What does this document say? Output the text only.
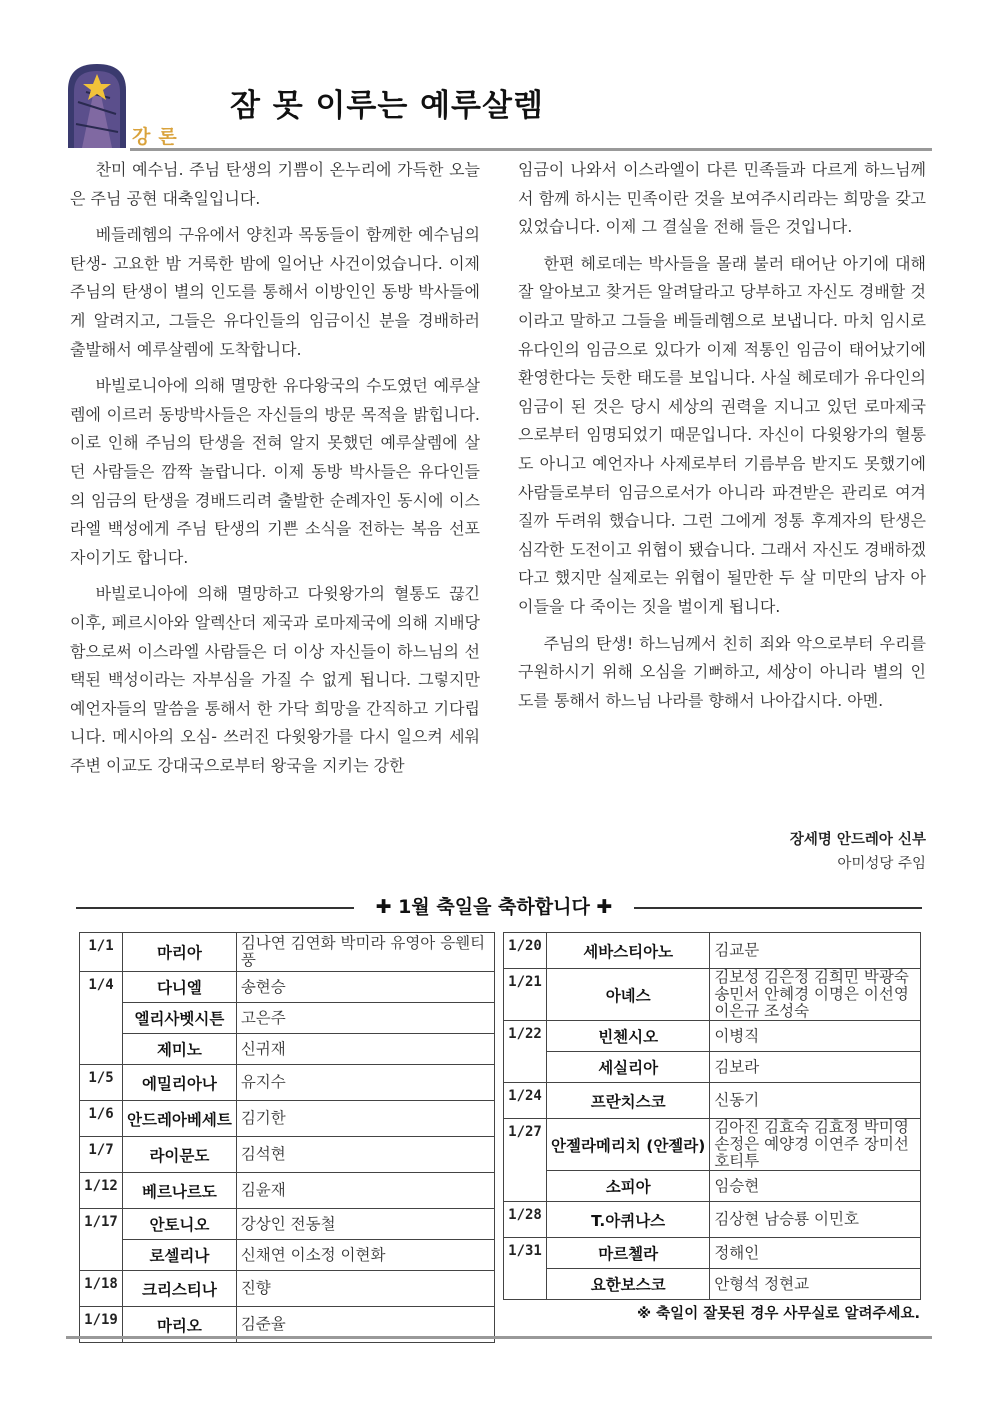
강론
잠 못 이루는 예루살렘

찬미 예수님. 주님 탄생의 기쁨이 온누리에 가득한 오늘은 주님 공현 대축일입니다.

베들레헴의 구유에서 양친과 목동들이 함께한 예수님의 탄생- 고요한 밤 거룩한 밤에 일어난 사건이었습니다. 이제 주님의 탄생이 별의 인도를 통해서 이방인인 동방 박사들에게 알려지고, 그들은 유다인들의 임금이신 분을 경배하러 출발해서 예루살렘에 도착합니다.

바빌로니아에 의해 멸망한 유다왕국의 수도였던 예루살렘에 이르러 동방박사들은 자신들의 방문 목적을 밝힙니다. 이로 인해 주님의 탄생을 전혀 알지 못했던 예루살렘에 살던 사람들은 깜짝 놀랍니다. 이제 동방 박사들은 유다인들의 임금의 탄생을 경배드리려 출발한 순례자인 동시에 이스라엘 백성에게 주님 탄생의 기쁜 소식을 전하는 복음 선포자이기도 합니다.

바빌로니아에 의해 멸망하고 다윗왕가의 혈통도 끊긴 이후, 페르시아와 알렉산더 제국과 로마제국에 의해 지배당함으로써 이스라엘 사람들은 더 이상 자신들이 하느님의 선택된 백성이라는 자부심을 가질 수 없게 됩니다. 그렇지만 예언자들의 말씀을 통해서 한 가닥 희망을 간직하고 기다립니다. 메시아의 오심- 쓰러진 다윗왕가를 다시 일으켜 세워 주변 이교도 강대국으로부터 왕국을 지키는 강한

임금이 나와서 이스라엘이 다른 민족들과 다르게 하느님께서 함께 하시는 민족이란 것을 보여주시리라는 희망을 갖고 있었습니다. 이제 그 결실을 전해 들은 것입니다.

한편 헤로데는 박사들을 몰래 불러 태어난 아기에 대해 잘 알아보고 찾거든 알려달라고 당부하고 자신도 경배할 것이라고 말하고 그들을 베들레헴으로 보냅니다. 마치 임시로 유다인의 임금으로 있다가 이제 적통인 임금이 태어났기에 환영한다는 듯한 태도를 보입니다. 사실 헤로데가 유다인의 임금이 된 것은 당시 세상의 권력을 지니고 있던 로마제국으로부터 임명되었기 때문입니다. 자신이 다윗왕가의 혈통도 아니고 예언자나 사제로부터 기름부음 받지도 못했기에 사람들로부터 임금으로서가 아니라 파견받은 관리로 여겨질까 두려워 했습니다. 그런 그에게 정통 후계자의 탄생은 심각한 도전이고 위협이 됐습니다. 그래서 자신도 경배하겠다고 했지만 실제로는 위협이 될만한 두 살 미만의 남자 아이들을 다 죽이는 짓을 벌이게 됩니다.

주님의 탄생! 하느님께서 친히 죄와 악으로부터 우리를 구원하시기 위해 오심을 기뻐하고, 세상이 아니라 별의 인도를 통해서 하느님 나라를 향해서 나아갑시다. 아멘.

장세명 안드레아 신부
아미성당 주임
✚ 1월 축일을 축하합니다 ✚
1/1	마리아	김나연 김연화 박미라 유영아 응웬티풍
1/4	다니엘	송현승
	엘리사벳시튼	고은주
	제미노	신귀재
1/5	에밀리아나	유지수
1/6	안드레아베세트	김기한
1/7	라이문도	김석현
1/12	베르나르도	김윤재
1/17	안토니오	강상인 전동철
	로셀리나	신채연 이소정 이현화
1/18	크리스티나	진향
1/19	마리오	김준율
1/20	세바스티아노	김교문
1/21	아녜스	김보성 김은정 김희민 박광숙 송민서 안혜경 이명은 이선영 이은규 조성숙
1/22	빈첸시오	이병직
	세실리아	김보라
1/24	프란치스코	신동기
1/27	안젤라메리치 (안젤라)	김아진 김효숙 김효정 박미영 손정은 예양경 이연주 장미선 호티투
	소피아	임승현
1/28	T.아퀴나스	김상현 남승룡 이민호
1/31	마르첼라	정해인
	요한보스코	안형석 정현교
※ 축일이 잘못된 경우 사무실로 알려주세요.
